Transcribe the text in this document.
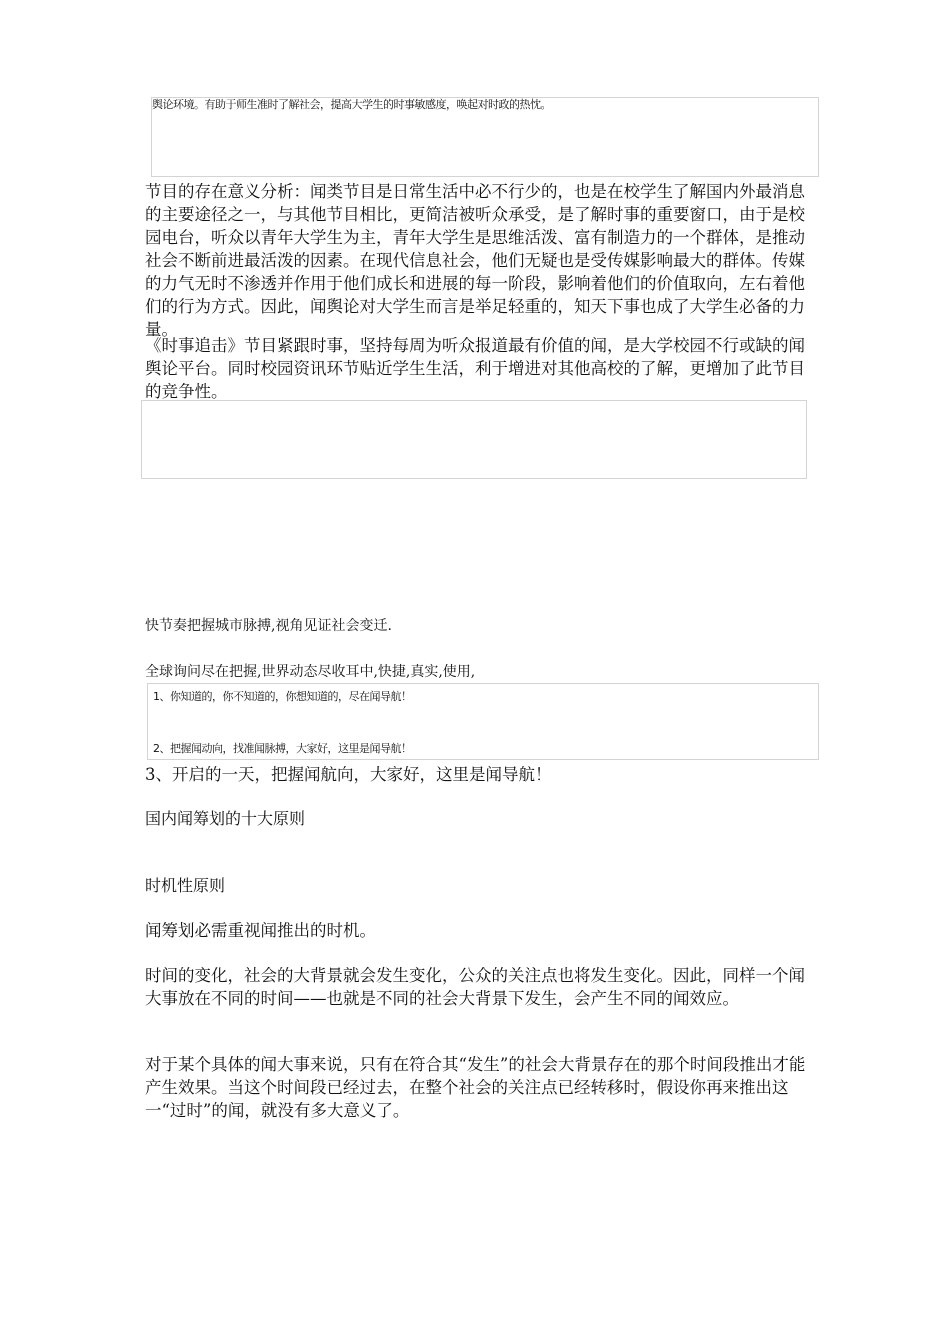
舆论环境。有助于师生准时了解社会，提高大学生的时事敏感度，唤起对时政的热忱。

节目的存在意义分析：闻类节目是日常生活中必不行少的，也是在校学生了解国内外最消息的主要途径之一，与其他节目相比，更简洁被听众承受，是了解时事的重要窗口，由于是校园电台，听众以青年大学生为主，青年大学生是思维活泼、富有制造力的一个群体，是推动社会不断前进最活泼的因素。在现代信息社会，他们无疑也是受传媒影响最大的群体。传媒的力气无时不渗透并作用于他们成长和进展的每一阶段，影响着他们的价值取向，左右着他们的行为方式。因此，闻舆论对大学生而言是举足轻重的，知天下事也成了大学生必备的力量。

《时事追击》节目紧跟时事，坚持每周为听众报道最有价值的闻，是大学校园不行或缺的闻舆论平台。同时校园资讯环节贴近学生生活，利于增进对其他高校的了解，更增加了此节目的竞争性。

快节奏把握城市脉搏,视角见证社会变迁.
全球询问尽在把握,世界动态尽收耳中,快捷,真实,使用,
1、你知道的，你不知道的，你想知道的，尽在闻导航！
2、把握闻动向，找准闻脉搏，大家好，这里是闻导航！
3、开启的一天，把握闻航向，大家好，这里是闻导航！
国内闻筹划的十大原则
时机性原则

闻筹划必需重视闻推出的时机。

时间的变化，社会的大背景就会发生变化，公众的关注点也将发生变化。因此，同样一个闻大事放在不同的时间——也就是不同的社会大背景下发生，会产生不同的闻效应。

对于某个具体的闻大事来说，只有在符合其“发生”的社会大背景存在的那个时间段推出才能产生效果。当这个时间段已经过去，在整个社会的关注点已经转移时，假设你再来推出这一“过时”的闻，就没有多大意义了。
